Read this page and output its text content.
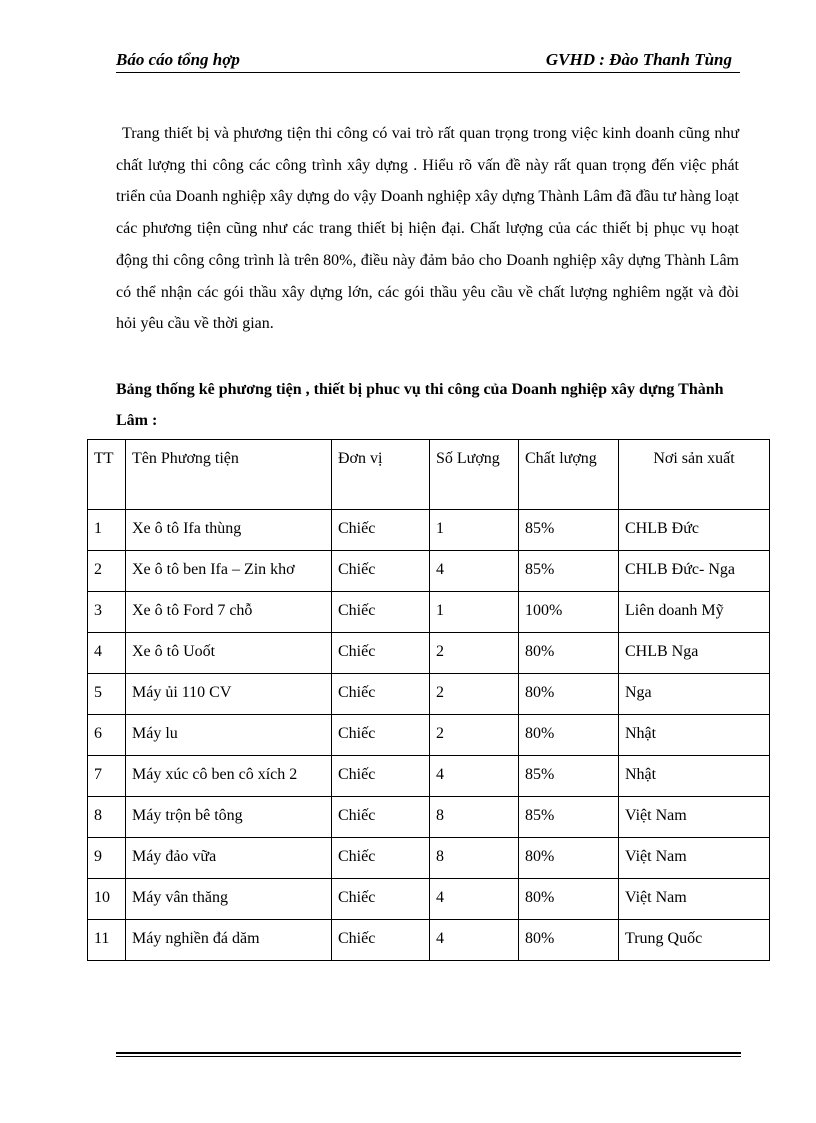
Báo cáo tổng hợp	GVHD : Đào Thanh Tùng

Trang thiết bị và phương tiện thi công có vai trò rất quan trọng trong việc kinh doanh cũng như chất lượng thi công các công trình xây dựng . Hiểu rõ vấn đề này rất quan trọng đến việc phát triển của Doanh nghiệp xây dựng do vậy Doanh nghiệp xây dựng Thành Lâm đã đầu tư hàng loạt các phương tiện cũng như các trang thiết bị hiện đại. Chất lượng của các thiết bị phục vụ hoạt động thi công công trình là trên 80%, điều này đảm bảo cho Doanh nghiệp xây dựng Thành Lâm có thể nhận các gói thầu xây dựng lớn, các gói thầu yêu cầu về chất lượng nghiêm ngặt và đòi hỏi yêu cầu về thời gian.

Bảng thống kê phương tiện , thiết bị phuc vụ thi công của Doanh nghiệp xây dựng Thành Lâm :
TT	Tên Phương tiện	Đơn vị	Số Lượng	Chất lượng	Nơi sản xuất
1	Xe ô tô Ifa thùng	Chiếc	1	85%	CHLB Đức
2	Xe ô tô ben Ifa – Zin khơ	Chiếc	4	85%	CHLB Đức- Nga
3	Xe ô tô Ford 7 chỗ	Chiếc	1	100%	Liên doanh Mỹ
4	Xe ô tô Uoốt	Chiếc	2	80%	CHLB Nga
5	Máy ủi 110 CV	Chiếc	2	80%	Nga
6	Máy lu	Chiếc	2	80%	Nhật
7	Máy xúc cô ben cô xích 2	Chiếc	4	85%	Nhật
8	Máy trộn bê tông	Chiếc	8	85%	Việt Nam
9	Máy đảo vữa	Chiếc	8	80%	Việt Nam
10	Máy vân thăng	Chiếc	4	80%	Việt Nam
11	Máy nghiền đá dăm	Chiếc	4	80%	Trung Quốc
